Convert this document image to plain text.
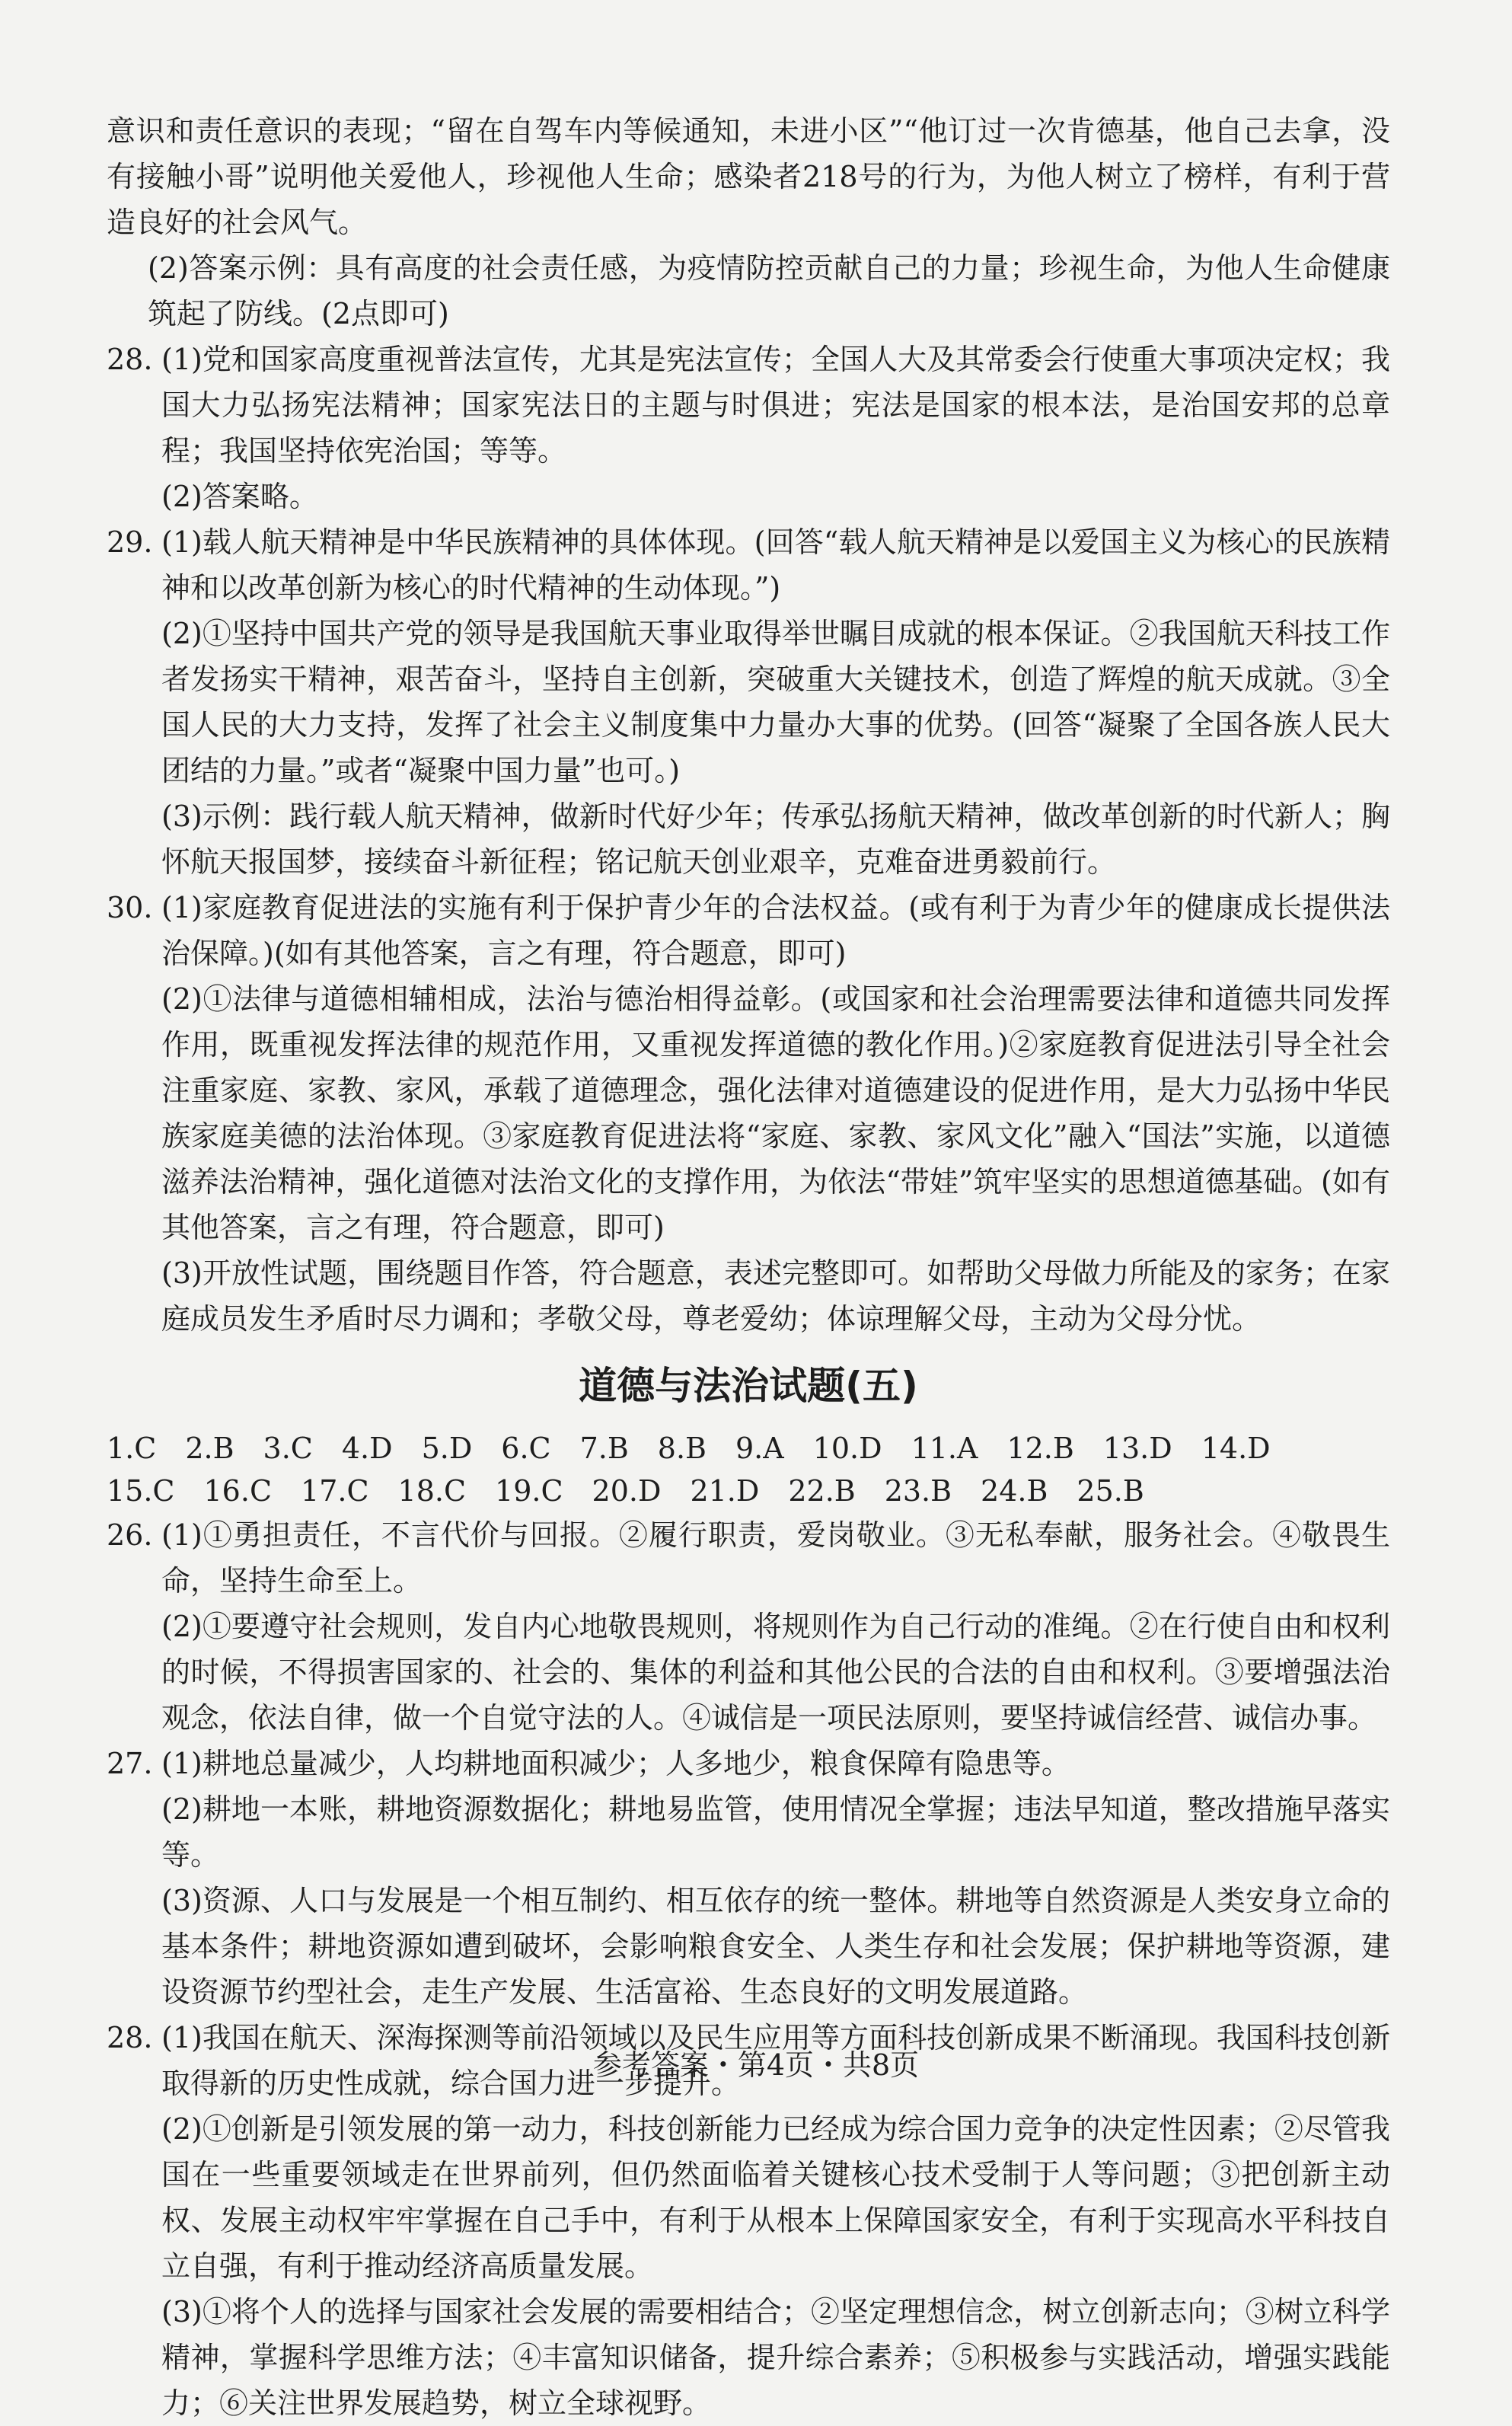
意识和责任意识的表现；“留在自驾车内等候通知，未进小区”“他订过一次肯德基，他自己去拿，没有接触小哥”说明他关爱他人，珍视他人生命；感染者218号的行为，为他人树立了榜样，有利于营造良好的社会风气。

(2)答案示例：具有高度的社会责任感，为疫情防控贡献自己的力量；珍视生命，为他人生命健康筑起了防线。(2点即可)

28. (1)党和国家高度重视普法宣传，尤其是宪法宣传；全国人大及其常委会行使重大事项决定权；我国大力弘扬宪法精神；国家宪法日的主题与时俱进；宪法是国家的根本法，是治国安邦的总章程；我国坚持依宪治国；等等。

(2)答案略。

29. (1)载人航天精神是中华民族精神的具体体现。(回答“载人航天精神是以爱国主义为核心的民族精神和以改革创新为核心的时代精神的生动体现。”)

(2)①坚持中国共产党的领导是我国航天事业取得举世瞩目成就的根本保证。②我国航天科技工作者发扬实干精神，艰苦奋斗，坚持自主创新，突破重大关键技术，创造了辉煌的航天成就。③全国人民的大力支持，发挥了社会主义制度集中力量办大事的优势。(回答“凝聚了全国各族人民大团结的力量。”或者“凝聚中国力量”也可。)

(3)示例：践行载人航天精神，做新时代好少年；传承弘扬航天精神，做改革创新的时代新人；胸怀航天报国梦，接续奋斗新征程；铭记航天创业艰辛，克难奋进勇毅前行。

30. (1)家庭教育促进法的实施有利于保护青少年的合法权益。(或有利于为青少年的健康成长提供法治保障。)(如有其他答案，言之有理，符合题意，即可)

(2)①法律与道德相辅相成，法治与德治相得益彰。(或国家和社会治理需要法律和道德共同发挥作用，既重视发挥法律的规范作用，又重视发挥道德的教化作用。)②家庭教育促进法引导全社会注重家庭、家教、家风，承载了道德理念，强化法律对道德建设的促进作用，是大力弘扬中华民族家庭美德的法治体现。③家庭教育促进法将“家庭、家教、家风文化”融入“国法”实施，以道德滋养法治精神，强化道德对法治文化的支撑作用，为依法“带娃”筑牢坚实的思想道德基础。(如有其他答案，言之有理，符合题意，即可)

(3)开放性试题，围绕题目作答，符合题意，表述完整即可。如帮助父母做力所能及的家务；在家庭成员发生矛盾时尽力调和；孝敬父母，尊老爱幼；体谅理解父母，主动为父母分忧。

道德与法治试题(五)

1.C　2.B　3.C　4.D　5.D　6.C　7.B　8.B　9.A　10.D　11.A　12.B　13.D　14.D

15.C　16.C　17.C　18.C　19.C　20.D　21.D　22.B　23.B　24.B　25.B

26. (1)①勇担责任，不言代价与回报。②履行职责，爱岗敬业。③无私奉献，服务社会。④敬畏生命，坚持生命至上。

(2)①要遵守社会规则，发自内心地敬畏规则，将规则作为自己行动的准绳。②在行使自由和权利的时候，不得损害国家的、社会的、集体的利益和其他公民的合法的自由和权利。③要增强法治观念，依法自律，做一个自觉守法的人。④诚信是一项民法原则，要坚持诚信经营、诚信办事。

27. (1)耕地总量减少，人均耕地面积减少；人多地少，粮食保障有隐患等。

(2)耕地一本账，耕地资源数据化；耕地易监管，使用情况全掌握；违法早知道，整改措施早落实等。

(3)资源、人口与发展是一个相互制约、相互依存的统一整体。耕地等自然资源是人类安身立命的基本条件；耕地资源如遭到破坏，会影响粮食安全、人类生存和社会发展；保护耕地等资源，建设资源节约型社会，走生产发展、生活富裕、生态良好的文明发展道路。

28. (1)我国在航天、深海探测等前沿领域以及民生应用等方面科技创新成果不断涌现。我国科技创新取得新的历史性成就，综合国力进一步提升。

(2)①创新是引领发展的第一动力，科技创新能力已经成为综合国力竞争的决定性因素；②尽管我国在一些重要领域走在世界前列，但仍然面临着关键核心技术受制于人等问题；③把创新主动权、发展主动权牢牢掌握在自己手中，有利于从根本上保障国家安全，有利于实现高水平科技自立自强，有利于推动经济高质量发展。

(3)①将个人的选择与国家社会发展的需要相结合；②坚定理想信念，树立创新志向；③树立科学精神，掌握科学思维方法；④丰富知识储备，提升综合素养；⑤积极参与实践活动，增强实践能力；⑥关注世界发展趋势，树立全球视野。

参考答案・第4页・共8页
